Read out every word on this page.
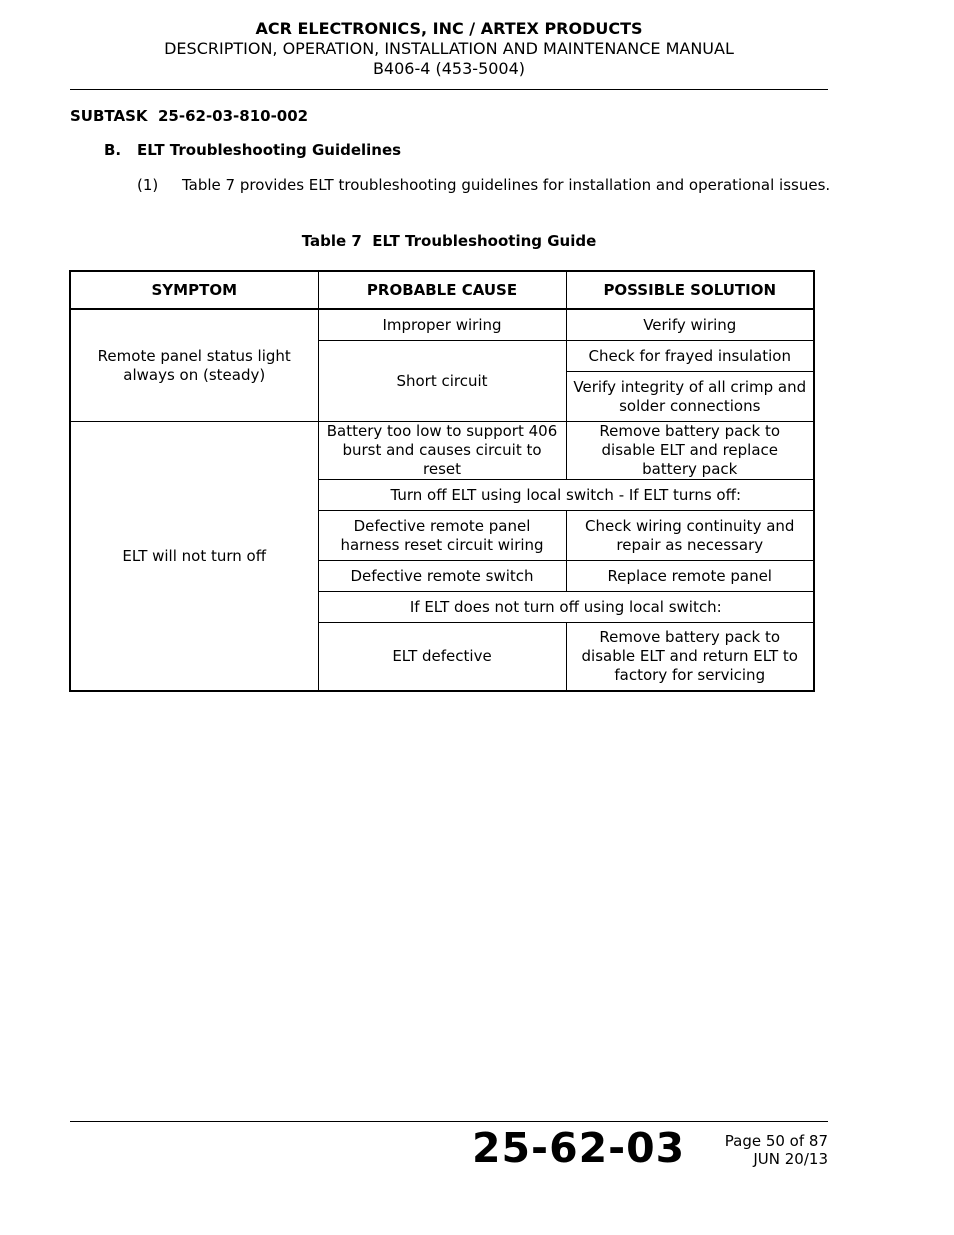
ACR ELECTRONICS, INC / ARTEX PRODUCTS
DESCRIPTION, OPERATION, INSTALLATION AND MAINTENANCE MANUAL
B406-4 (453-5004)
SUBTASK  25-62-03-810-002
B. ELT Troubleshooting Guidelines
(1) Table 7 provides ELT troubleshooting guidelines for installation and operational issues.
Table 7  ELT Troubleshooting Guide
SYMPTOM	PROBABLE CAUSE	POSSIBLE SOLUTION
Remote panel status light always on (steady)	Improper wiring	Verify wiring
	Short circuit	Check for frayed insulation
		Verify integrity of all crimp and solder connections
ELT will not turn off	Battery too low to support 406 burst and causes circuit to reset	Remove battery pack to disable ELT and replace battery pack
	Turn off ELT using local switch - If ELT turns off:	
	Defective remote panel harness reset circuit wiring	Check wiring continuity and repair as necessary
	Defective remote switch	Replace remote panel
	If ELT does not turn off using local switch:	
	ELT defective	Remove battery pack to disable ELT and return ELT to factory for servicing
25-62-03	Page 50 of 87
JUN 20/13
